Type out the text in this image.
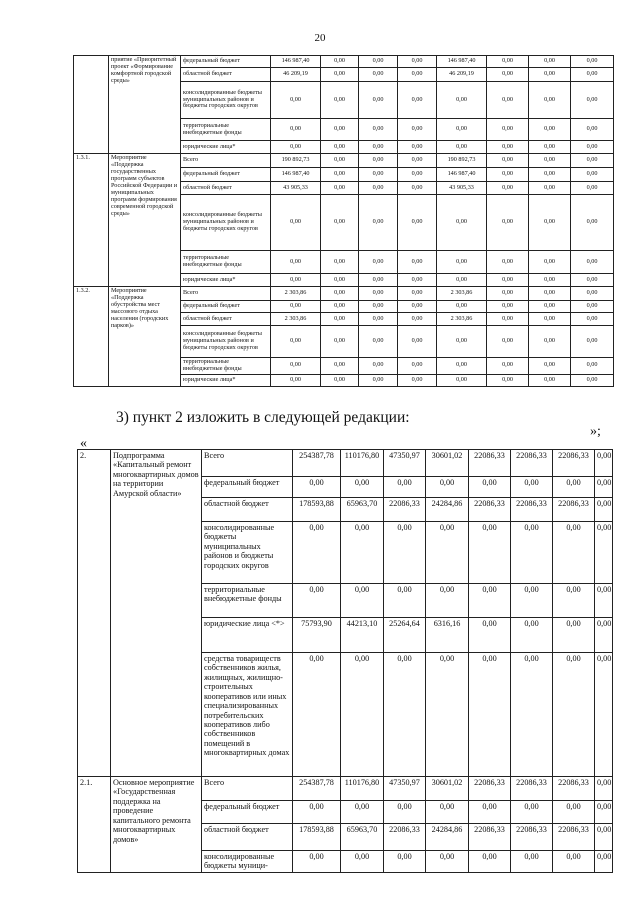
20
	приятие «Приоритетный проект «Формирование комфортной городской среды»	федеральный бюджет	146 987,40	0,00	0,00	0,00	146 987,40	0,00	0,00	0,00
		областной бюджет	46 209,19	0,00	0,00	0,00	46 209,19	0,00	0,00	0,00
		консолидированные бюджеты муниципальных районов и бюджеты городских округов	0,00	0,00	0,00	0,00	0,00	0,00	0,00	0,00
		территориальные внебюджетные фонды	0,00	0,00	0,00	0,00	0,00	0,00	0,00	0,00
		юридические лица*	0,00	0,00	0,00	0,00	0,00	0,00	0,00	0,00
1.3.1.	Мероприятие «Поддержка государственных программ субъектов Российской Федерации и муниципальных программ формирования современной городской среды»	Всего	190 892,73	0,00	0,00	0,00	190 892,73	0,00	0,00	0,00
		федеральный бюджет	146 987,40	0,00	0,00	0,00	146 987,40	0,00	0,00	0,00
		областной бюджет	43 905,33	0,00	0,00	0,00	43 905,33	0,00	0,00	0,00
		консолидированные бюджеты муниципальных районов и бюджеты городских округов	0,00	0,00	0,00	0,00	0,00	0,00	0,00	0,00
		территориальные внебюджетные фонды	0,00	0,00	0,00	0,00	0,00	0,00	0,00	0,00
		юридические лица*	0,00	0,00	0,00	0,00	0,00	0,00	0,00	0,00
1.3.2.	Мероприятие «Поддержка обустройства мест массового отдыха населения (городских парков)»	Всего	2 303,86	0,00	0,00	0,00	2 303,86	0,00	0,00	0,00
		федеральный бюджет	0,00	0,00	0,00	0,00	0,00	0,00	0,00	0,00
		областной бюджет	2 303,86	0,00	0,00	0,00	2 303,86	0,00	0,00	0,00
		консолидированные бюджеты муниципальных районов и бюджеты городских округов	0,00	0,00	0,00	0,00	0,00	0,00	0,00	0,00
		территориальные внебюджетные фонды	0,00	0,00	0,00	0,00	0,00	0,00	0,00	0,00
		юридические лица*	0,00	0,00	0,00	0,00	0,00	0,00	0,00	0,00
3) пункт 2 изложить в следующей редакции:
»;
«
2.	Подпрограмма «Капитальный ремонт многоквартирных домов на территории Амурской области»	Всего	254387,78	110176,80	47350,97	30601,02	22086,33	22086,33	22086,33	0,00
		федеральный бюджет	0,00	0,00	0,00	0,00	0,00	0,00	0,00	0,00
		областной бюджет	178593,88	65963,70	22086,33	24284,86	22086,33	22086,33	22086,33	0,00
		консолидированные бюджеты муниципальных районов и бюджеты городских округов	0,00	0,00	0,00	0,00	0,00	0,00	0,00	0,00
		территориальные внебюджетные фонды	0,00	0,00	0,00	0,00	0,00	0,00	0,00	0,00
		юридические лица <*>	75793,90	44213,10	25264,64	6316,16	0,00	0,00	0,00	0,00
		средства товариществ собственников жилья, жилищных, жилищно-строительных кооперативов или иных специализированных потребительских кооперативов либо собственников помещений в многоквартирных домах	0,00	0,00	0,00	0,00	0,00	0,00	0,00	0,00
2.1.	Основное мероприятие «Государственная поддержка на проведение капитального ремонта многоквартирных домов»	Всего	254387,78	110176,80	47350,97	30601,02	22086,33	22086,33	22086,33	0,00
		федеральный бюджет	0,00	0,00	0,00	0,00	0,00	0,00	0,00	0,00
		областной бюджет	178593,88	65963,70	22086,33	24284,86	22086,33	22086,33	22086,33	0,00
		консолидированные бюджеты муници-	0,00	0,00	0,00	0,00	0,00	0,00	0,00	0,00
